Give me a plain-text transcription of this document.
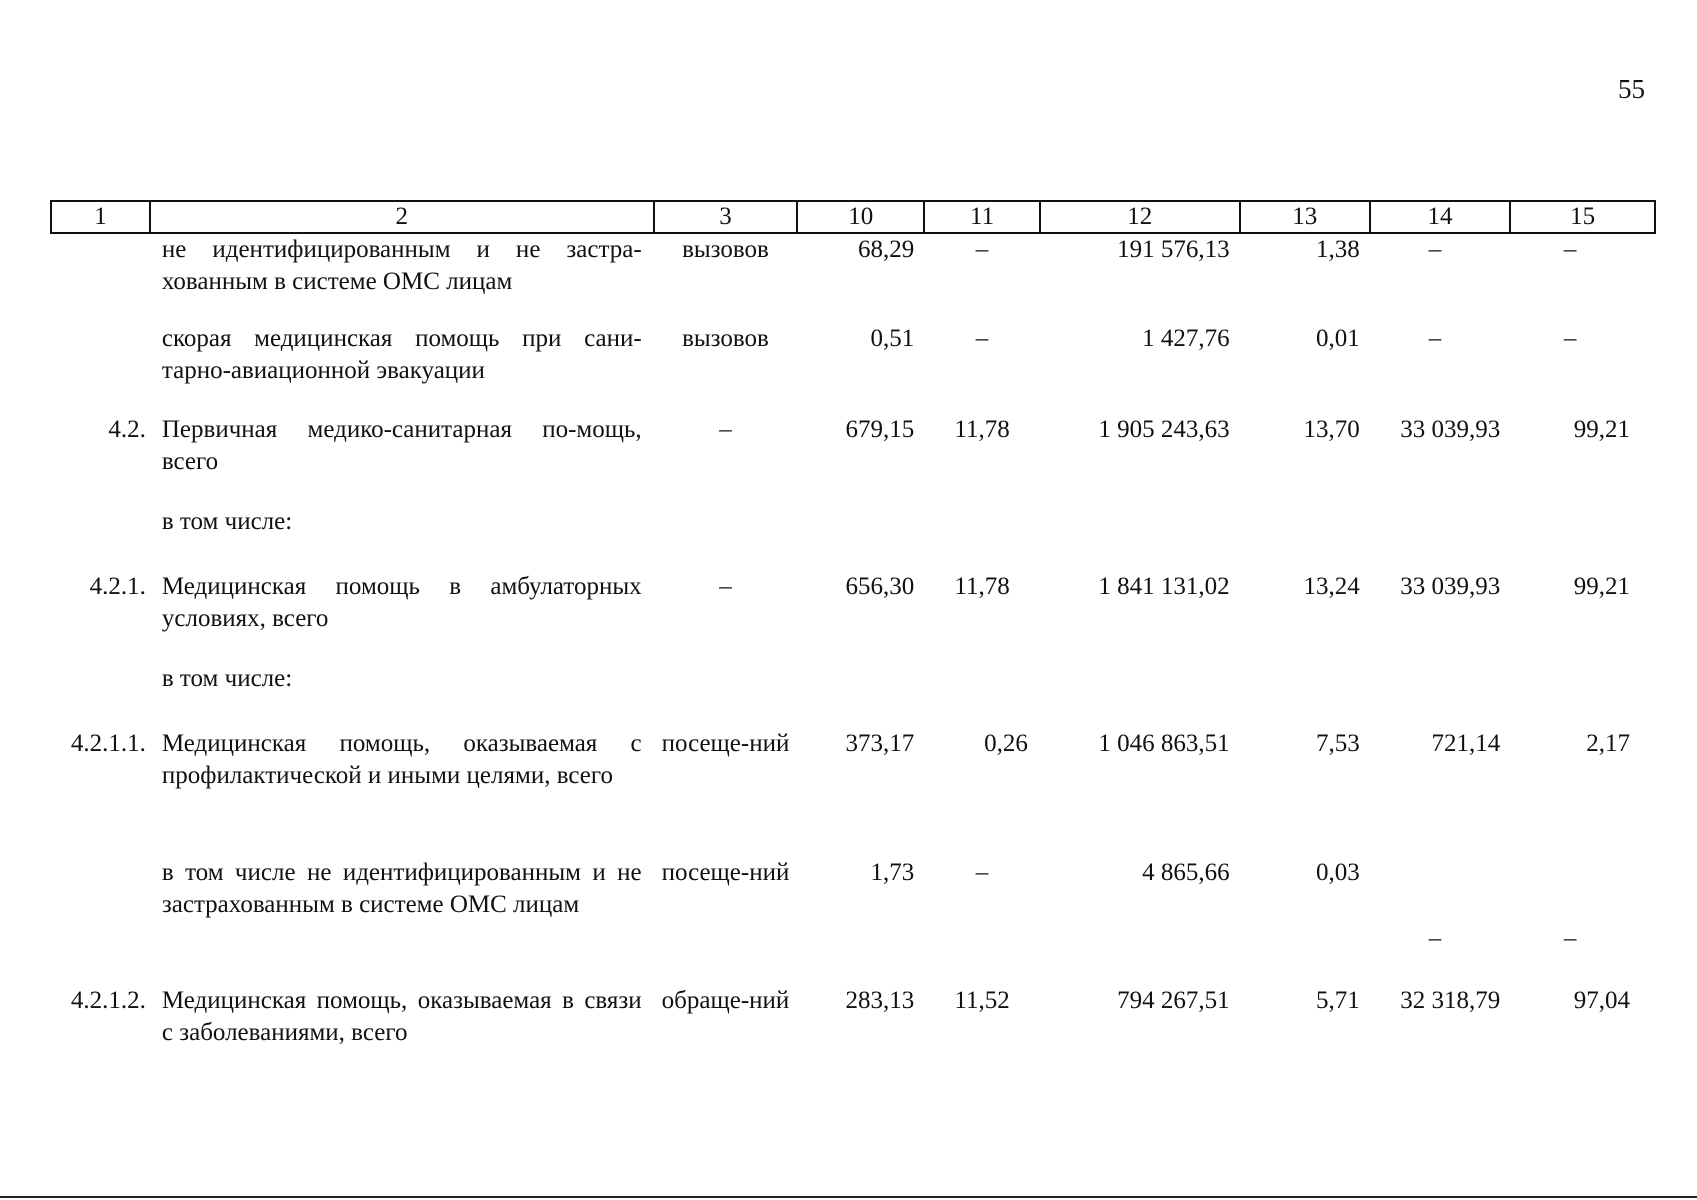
55
1	2	3	10	11	12	13	14	15
	не идентифицированным и не застра-хованным в системе ОМС лицам	вызовов	68,29	–	191 576,13	1,38	–	–
	скорая медицинская помощь при сани-тарно-авиационной эвакуации	вызовов	0,51	–	1 427,76	0,01	–	–
4.2.	Первичная медико-санитарная по-мощь, всего	–	679,15	11,78	1 905 243,63	13,70	33 039,93	99,21
	в том числе:							
4.2.1.	Медицинская помощь в амбулаторных условиях, всего	–	656,30	11,78	1 841 131,02	13,24	33 039,93	99,21
	в том числе:							
4.2.1.1.	Медицинская помощь, оказываемая с профилактической и иными целями, всего	посеще-ний	373,17	0,26	1 046 863,51	7,53	721,14	2,17
	в том числе не идентифицированным и не застрахованным в системе ОМС лицам	посеще-ний	1,73	–	4 865,66	0,03	–	–
4.2.1.2.	Медицинская помощь, оказываемая в связи с заболеваниями, всего	обраще-ний	283,13	11,52	794 267,51	5,71	32 318,79	97,04
